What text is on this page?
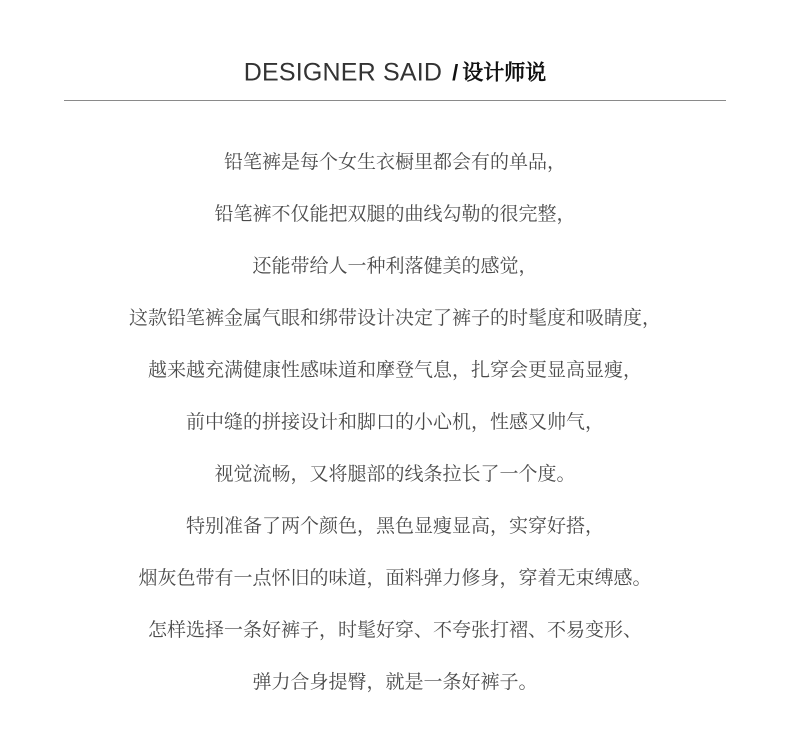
DESIGNER SAID / 设计师说
铅笔裤是每个女生衣橱里都会有的单品，
铅笔裤不仅能把双腿的曲线勾勒的很完整，
还能带给人一种利落健美的感觉，
这款铅笔裤金属气眼和绑带设计决定了裤子的时髦度和吸睛度，
越来越充满健康性感味道和摩登气息，扎穿会更显高显瘦，
前中缝的拼接设计和脚口的小心机，性感又帅气，
视觉流畅，又将腿部的线条拉长了一个度。
特别准备了两个颜色，黑色显瘦显高，实穿好搭，
烟灰色带有一点怀旧的味道，面料弹力修身，穿着无束缚感。
怎样选择一条好裤子，时髦好穿、不夸张打褶、不易变形、
弹力合身提臀，就是一条好裤子。
